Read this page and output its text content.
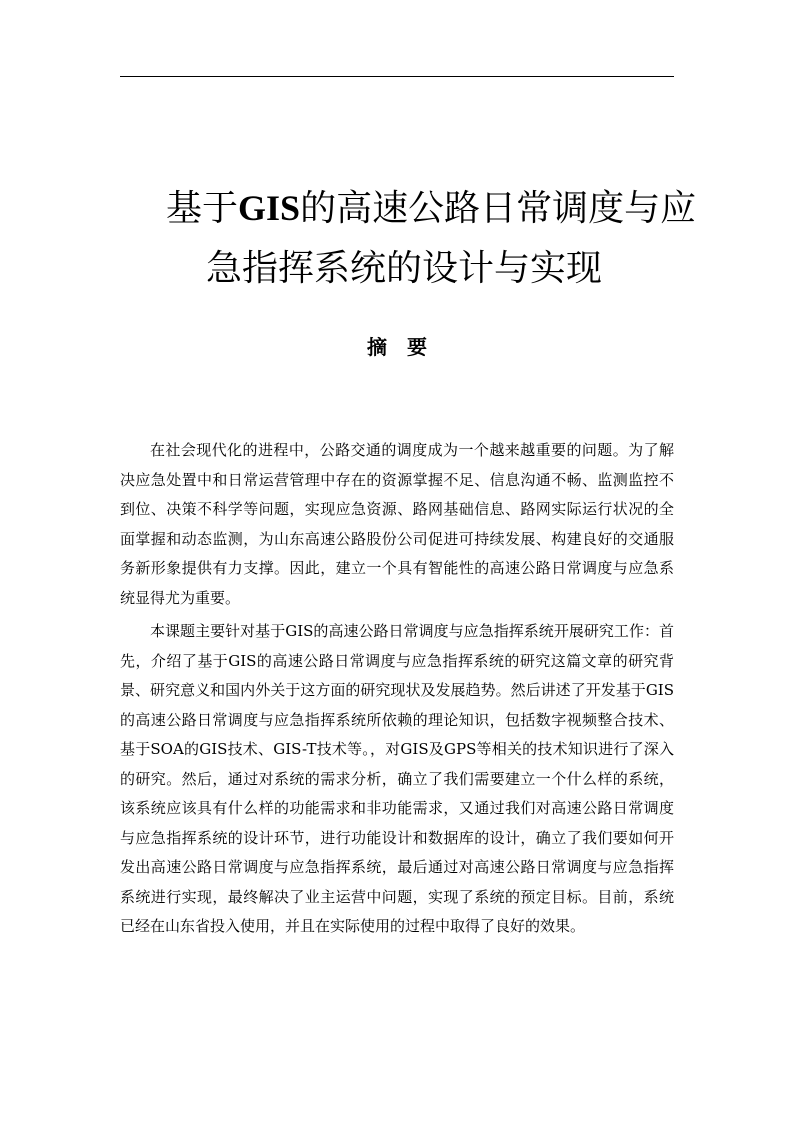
基于GIS的高速公路日常调度与应
急指挥系统的设计与实现
摘要

在社会现代化的进程中，公路交通的调度成为一个越来越重要的问题。为了解决应急处置中和日常运营管理中存在的资源掌握不足、信息沟通不畅、监测监控不到位、决策不科学等问题，实现应急资源、路网基础信息、路网实际运行状况的全面掌握和动态监测，为山东高速公路股份公司促进可持续发展、构建良好的交通服务新形象提供有力支撑。因此，建立一个具有智能性的高速公路日常调度与应急系统显得尤为重要。

本课题主要针对基于GIS的高速公路日常调度与应急指挥系统开展研究工作：首先，介绍了基于GIS的高速公路日常调度与应急指挥系统的研究这篇文章的研究背景、研究意义和国内外关于这方面的研究现状及发展趋势。然后讲述了开发基于GIS的高速公路日常调度与应急指挥系统所依赖的理论知识，包括数字视频整合技术、基于SOA的GIS技术、GIS-T技术等。，对GIS及GPS等相关的技术知识进行了深入的研究。然后，通过对系统的需求分析，确立了我们需要建立一个什么样的系统，该系统应该具有什么样的功能需求和非功能需求，又通过我们对高速公路日常调度与应急指挥系统的设计环节，进行功能设计和数据库的设计，确立了我们要如何开发出高速公路日常调度与应急指挥系统，最后通过对高速公路日常调度与应急指挥系统进行实现，最终解决了业主运营中问题，实现了系统的预定目标。目前，系统已经在山东省投入使用，并且在实际使用的过程中取得了良好的效果。
